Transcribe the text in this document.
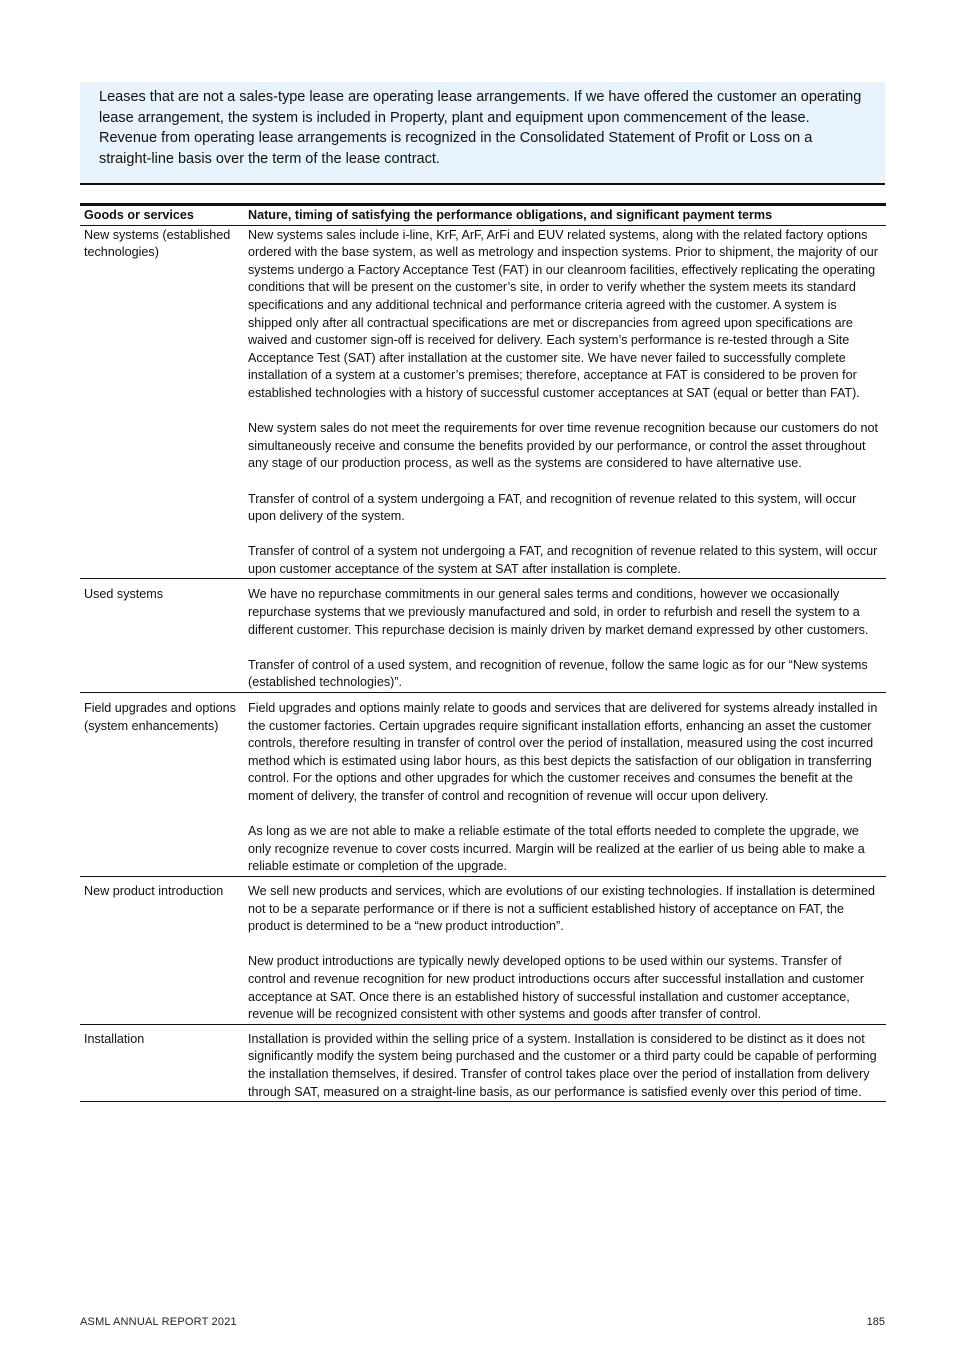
Leases that are not a sales-type lease are operating lease arrangements. If we have offered the customer an operating lease arrangement, the system is included in Property, plant and equipment upon commencement of the lease. Revenue from operating lease arrangements is recognized in the Consolidated Statement of Profit or Loss on a straight-line basis over the term of the lease contract.

Goods or services	Nature, timing of satisfying the performance obligations, and significant payment terms
New systems (established technologies)	New systems sales include i-line, KrF, ArF, ArFi and EUV related systems, along with the related factory options ordered with the base system, as well as metrology and inspection systems. Prior to shipment, the majority of our systems undergo a Factory Acceptance Test (FAT) in our cleanroom facilities, effectively replicating the operating conditions that will be present on the customer’s site, in order to verify whether the system meets its standard specifications and any additional technical and performance criteria agreed with the customer. A system is shipped only after all contractual specifications are met or discrepancies from agreed upon specifications are waived and customer sign-off is received for delivery. Each system’s performance is re-tested through a Site Acceptance Test (SAT) after installation at the customer site. We have never failed to successfully complete installation of a system at a customer’s premises; therefore, acceptance at FAT is considered to be proven for established technologies with a history of successful customer acceptances at SAT (equal or better than FAT).

New system sales do not meet the requirements for over time revenue recognition because our customers do not simultaneously receive and consume the benefits provided by our performance, or control the asset throughout any stage of our production process, as well as the systems are considered to have alternative use.

Transfer of control of a system undergoing a FAT, and recognition of revenue related to this system, will occur upon delivery of the system.

Transfer of control of a system not undergoing a FAT, and recognition of revenue related to this system, will occur upon customer acceptance of the system at SAT after installation is complete.

Used systems	We have no repurchase commitments in our general sales terms and conditions, however we occasionally repurchase systems that we previously manufactured and sold, in order to refurbish and resell the system to a different customer. This repurchase decision is mainly driven by market demand expressed by other customers.

Transfer of control of a used system, and recognition of revenue, follow the same logic as for our “New systems (established technologies)”.

Field upgrades and options (system enhancements)	Field upgrades and options mainly relate to goods and services that are delivered for systems already installed in the customer factories. Certain upgrades require significant installation efforts, enhancing an asset the customer controls, therefore resulting in transfer of control over the period of installation, measured using the cost incurred method which is estimated using labor hours, as this best depicts the satisfaction of our obligation in transferring control. For the options and other upgrades for which the customer receives and consumes the benefit at the moment of delivery, the transfer of control and recognition of revenue will occur upon delivery.

As long as we are not able to make a reliable estimate of the total efforts needed to complete the upgrade, we only recognize revenue to cover costs incurred. Margin will be realized at the earlier of us being able to make a reliable estimate or completion of the upgrade.

New product introduction	We sell new products and services, which are evolutions of our existing technologies. If installation is determined not to be a separate performance or if there is not a sufficient established history of acceptance on FAT, the product is determined to be a “new product introduction”.

New product introductions are typically newly developed options to be used within our systems. Transfer of control and revenue recognition for new product introductions occurs after successful installation and customer acceptance at SAT. Once there is an established history of successful installation and customer acceptance, revenue will be recognized consistent with other systems and goods after transfer of control.

Installation	Installation is provided within the selling price of a system. Installation is considered to be distinct as it does not significantly modify the system being purchased and the customer or a third party could be capable of performing the installation themselves, if desired. Transfer of control takes place over the period of installation from delivery through SAT, measured on a straight-line basis, as our performance is satisfied evenly over this period of time.

ASML ANNUAL REPORT 2021	185
